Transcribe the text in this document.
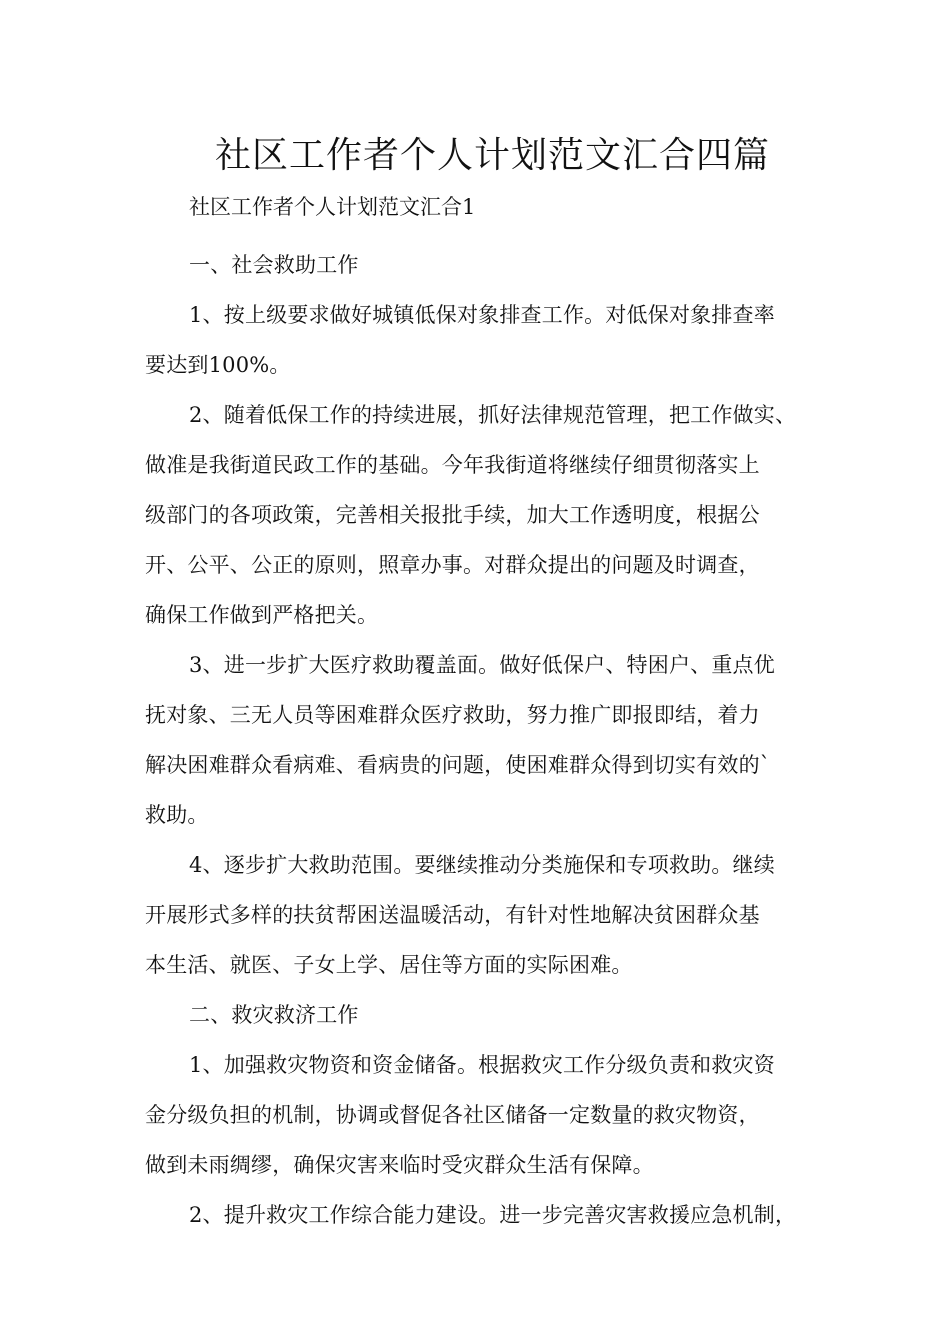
社区工作者个人计划范文汇合四篇
社区工作者个人计划范文汇合1
一、社会救助工作
1、按上级要求做好城镇低保对象排查工作。对低保对象排查率
要达到100%。
2、随着低保工作的持续进展，抓好法律规范管理，把工作做实、
做准是我街道民政工作的基础。今年我街道将继续仔细贯彻落实上
级部门的各项政策，完善相关报批手续，加大工作透明度，根据公
开、公平、公正的原则，照章办事。对群众提出的问题及时调查，
确保工作做到严格把关。
3、进一步扩大医疗救助覆盖面。做好低保户、特困户、重点优
抚对象、三无人员等困难群众医疗救助，努力推广即报即结，着力
解决困难群众看病难、看病贵的问题，使困难群众得到切实有效的`
救助。
4、逐步扩大救助范围。要继续推动分类施保和专项救助。继续
开展形式多样的扶贫帮困送温暖活动，有针对性地解决贫困群众基
本生活、就医、子女上学、居住等方面的实际困难。
二、救灾救济工作
1、加强救灾物资和资金储备。根据救灾工作分级负责和救灾资
金分级负担的机制，协调或督促各社区储备一定数量的救灾物资，
做到未雨绸缪，确保灾害来临时受灾群众生活有保障。
2、提升救灾工作综合能力建设。进一步完善灾害救援应急机制，
